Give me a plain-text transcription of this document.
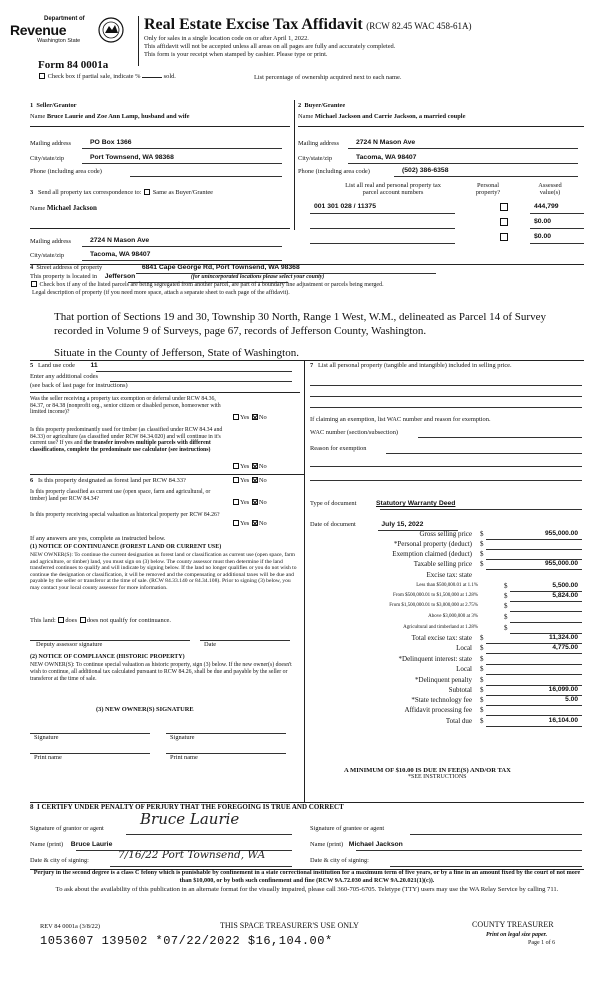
Department of
Revenue
Washington State
Real Estate Excise Tax Affidavit (RCW 82.45 WAC 458-61A)
Only for sales in a single location code on or after April 1, 2022.
This affidavit will not be accepted unless all areas on all pages are fully and accurately completed.
This form is your receipt when stamped by cashier. Please type or print.
Form 84 0001a
Check box if partial sale, indicate %	sold.	List percentage of ownership acquired next to each name.
1 Seller/Grantor
Name Bruce Laurie and Zoe Ann Lamp, husband and wife
Mailing address	PO Box 1366
City/state/zip	Port Townsend, WA 98368
Phone (including area code)
2 Buyer/Grantee
Name Michael Jackson and Carrie Jackson, a married couple
Mailing address	2724 N Mason Ave
City/state/zip	Tacoma, WA 98407
Phone (including area code)	(502) 386-6358
3 Send all property tax correspondence to: Same as Buyer/Grantee
Name Michael Jackson
Mailing address	2724 N Mason Ave
City/state/zip	Tacoma, WA 98407
List all real and personal property tax
parcel account numbers
Personal
property?
Assessed
value(s)
001 301 028 / 11375	444,799
$0.00
$0.00
4 Street address of property	6841 Cape George Rd, Port Townsend, WA 98368
This property is located in Jefferson	(for unincorporated locations please select your county)
Check box if any of the listed parcels are being segregated from another parcel, are part of a boundary line adjustment or parcels being merged.
Legal description of property (if you need more space, attach a separate sheet to each page of the affidavit).
That portion of Sections 19 and 30, Township 30 North, Range 1 West, W.M., delineated as Parcel 14 of Survey recorded in Volume 9 of Surveys, page 67, records of Jefferson County, Washington.
Situate in the County of Jefferson, State of Washington.
5 Land use code 11
Enter any additional codes
(see back of last page for instructions)
Was the seller receiving a property tax exemption or deferral under RCW 84.36, 84.37, or 84.38 (nonprofit org., senior citizen or disabled person, homeowner with limited income)?
Yes No
Is this property predominantly used for timber (as classified under RCW 84.34 and 84.33) or agriculture (as classified under RCW 84.34.020) and will continue in it's current use? If yes and the transfer involves multiple parcels with different classifications, complete the predominate use calculator (see instructions)
Yes No
6 Is this property designated as forest land per RCW 84.33?	Yes No
Is this property classified as current use (open space, farm and agricultural, or timber) land per RCW 84.34?
Yes No
Is this property receiving special valuation as historical property per RCW 84.26?
Yes No
If any answers are yes, complete as instructed below.
(1) NOTICE OF CONTINUANCE (FOREST LAND OR CURRENT USE)
NEW OWNER(S): To continue the current designation as forest land or classification as current use (open space, farm and agriculture, or timber) land, you must sign on (3) below. The county assessor must then determine if the land transferred continues to qualify and will indicate by signing below. If the land no longer qualifies or you do not wish to continue the designation or classification, it will be removed and the compensating or additional taxes will be due and payable by the seller or transferor at the time of sale. (RCW 84.33.140 or 84.34.108). Prior to signing (3) below, you may contact your local county assessor for more information.
This land: does does not qualify for continuance.
Deputy assessor signature	Date
(2) NOTICE OF COMPLIANCE (HISTORIC PROPERTY)
NEW OWNER(S): To continue special valuation as historic property, sign (3) below. If the new owner(s) doesn't wish to continue, all additional tax calculated pursuant to RCW 84.26, shall be due and payable by the seller or transferor at the time of sale.
(3) NEW OWNER(S) SIGNATURE
Signature	Signature
Print name	Print name
7 List all personal property (tangible and intangible) included in selling price.
If claiming an exemption, list WAC number and reason for exemption.
WAC number (section/subsection)
Reason for exemption
Type of document	Statutory Warranty Deed
Date of document	July 15, 2022
Gross selling price $	955,000.00
*Personal property (deduct) $
Exemption claimed (deduct) $
Taxable selling price $	955,000.00
Excise tax: state
Less than $500,000.01 at 1.1%	$	5,500.00
From $500,000.01 to $1,500,000 at 1.28%	$	5,824.00
From $1,500,000.01 to $3,000,000 at 2.75%	$
Above $3,000,000 at 3%	$
Agricultural and timberland at 1.28%	$
Total excise tax: state $	11,324.00
Local $	4,775.00
*Delinquent interest: state $
Local $
*Delinquent penalty $
Subtotal $	16,099.00
*State technology fee $	5.00
Affidavit processing fee $
Total due $	16,104.00
A MINIMUM OF $10.00 IS DUE IN FEE(S) AND/OR TAX
*SEE INSTRUCTIONS
8 I CERTIFY UNDER PENALTY OF PERJURY THAT THE FOREGOING IS TRUE AND CORRECT
Signature of grantor or agent
Bruce Laurie
Signature of grantee or agent
Name (print) Bruce Laurie	Name (print) Michael Jackson
Date & city of signing:	7/16/22 Port Townsend, WA	Date & city of signing:
Perjury in the second degree is a class C felony which is punishable by confinement in a state correctional institution for a maximum term of five years, or by a fine in an amount fixed by the court of not more than $10,000, or by both such confinement and fine (RCW 9A.72.030 and RCW 9A.20.021(1)(c)).
To ask about the availability of this publication in an alternate format for the visually impaired, please call 360-705-6705. Teletype (TTY) users may use the WA Relay Service by calling 711.
REV 84 0001a (3/8/22)	THIS SPACE TREASURER'S USE ONLY	COUNTY TREASURER
Print on legal size paper.
Page 1 of 6
1053607 139502 *07/22/2022 $16,104.00*
